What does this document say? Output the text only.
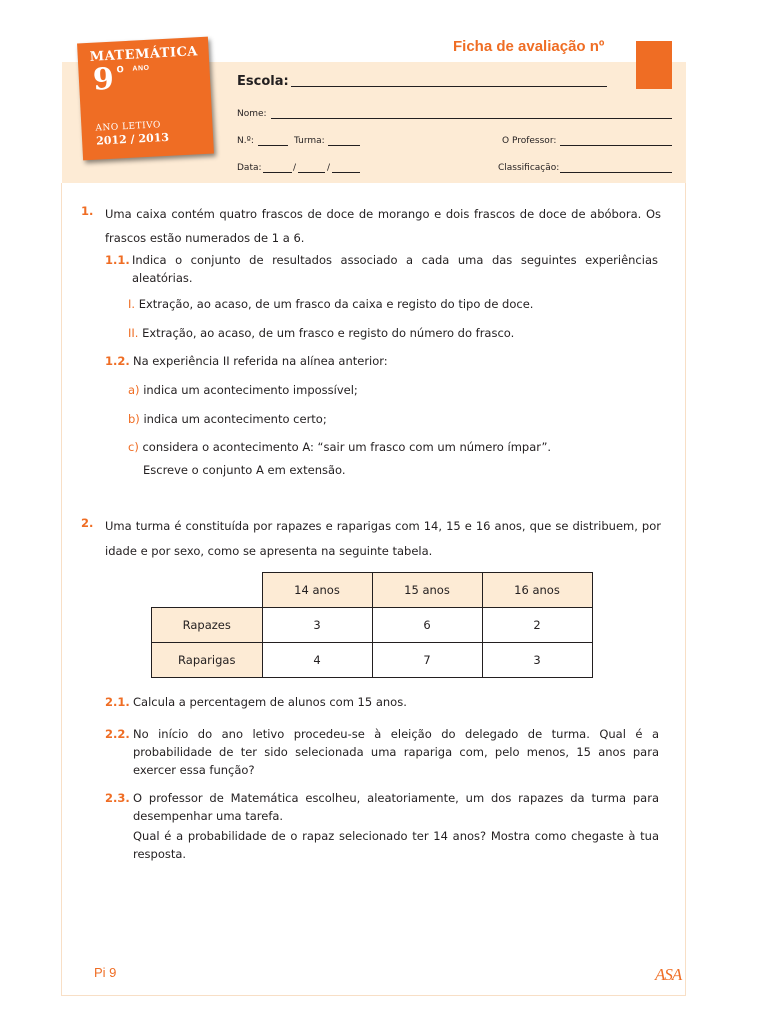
MATEMÁTICA
9 o ANO
ANO LETIVO
2012 / 2013
Ficha de avaliação nº
Escola:
Nome:
N.º:	Turma:	O Professor:
Data:	/	/	Classificação:
1. Uma caixa contém quatro frascos de doce de morango e dois frascos de doce de abóbora. Os frascos estão numerados de 1 a 6.
1.1. Indica o conjunto de resultados associado a cada uma das seguintes experiências aleatórias.
I. Extração, ao acaso, de um frasco da caixa e registo do tipo de doce.
II. Extração, ao acaso, de um frasco e registo do número do frasco.
1.2. Na experiência II referida na alínea anterior:
a) indica um acontecimento impossível;
b) indica um acontecimento certo;
c) considera o acontecimento A: “sair um frasco com um número ímpar”.
Escreve o conjunto A em extensão.
2. Uma turma é constituída por rapazes e raparigas com 14, 15 e 16 anos, que se distribuem, por idade e por sexo, como se apresenta na seguinte tabela.
	14 anos	15 anos	16 anos
Rapazes	3	6	2
Raparigas	4	7	3
2.1. Calcula a percentagem de alunos com 15 anos.
2.2. No início do ano letivo procedeu-se à eleição do delegado de turma. Qual é a probabilidade de ter sido selecionada uma rapariga com, pelo menos, 15 anos para exercer essa função?
2.3. O professor de Matemática escolheu, aleatoriamente, um dos rapazes da turma para desempenhar uma tarefa.
Qual é a probabilidade de o rapaz selecionado ter 14 anos? Mostra como chegaste à tua resposta.
Pi 9	ASA
